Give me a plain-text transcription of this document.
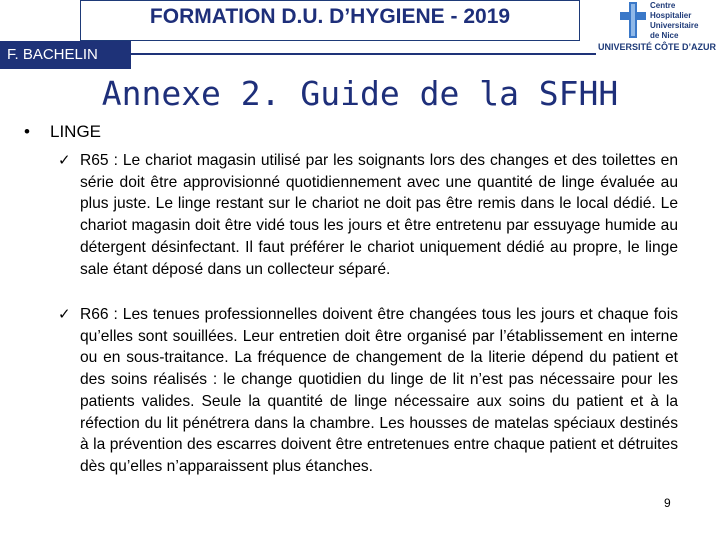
FORMATION D.U. D’HYGIENE - 2019
F. BACHELIN
Centre
Hospitalier
Universitaire
de Nice
UNIVERSITÉ CÔTE D’AZUR
Annexe 2. Guide de la SFHH
• LINGE
✓ R65 : Le chariot magasin utilisé par les soignants lors des changes et des toilettes en série doit être approvisionné quotidiennement avec une quantité de linge évaluée au plus juste. Le linge restant sur le chariot ne doit pas être remis dans le local dédié. Le chariot magasin doit être vidé tous les jours et être entretenu par essuyage humide au détergent désinfectant. Il faut préférer le chariot uniquement dédié au propre, le linge sale étant déposé dans un collecteur séparé.
✓ R66 : Les tenues professionnelles doivent être changées tous les jours et chaque fois qu’elles sont souillées. Leur entretien doit être organisé par l’établissement en interne ou en sous-traitance. La fréquence de changement de la literie dépend du patient et des soins réalisés : le change quotidien du linge de lit n’est pas nécessaire pour les patients valides. Seule la quantité de linge nécessaire aux soins du patient et à la réfection du lit pénétrera dans la chambre. Les housses de matelas spéciaux destinés à la prévention des escarres doivent être entretenues entre chaque patient et détruites dès qu’elles n’apparaissent plus étanches.
9
